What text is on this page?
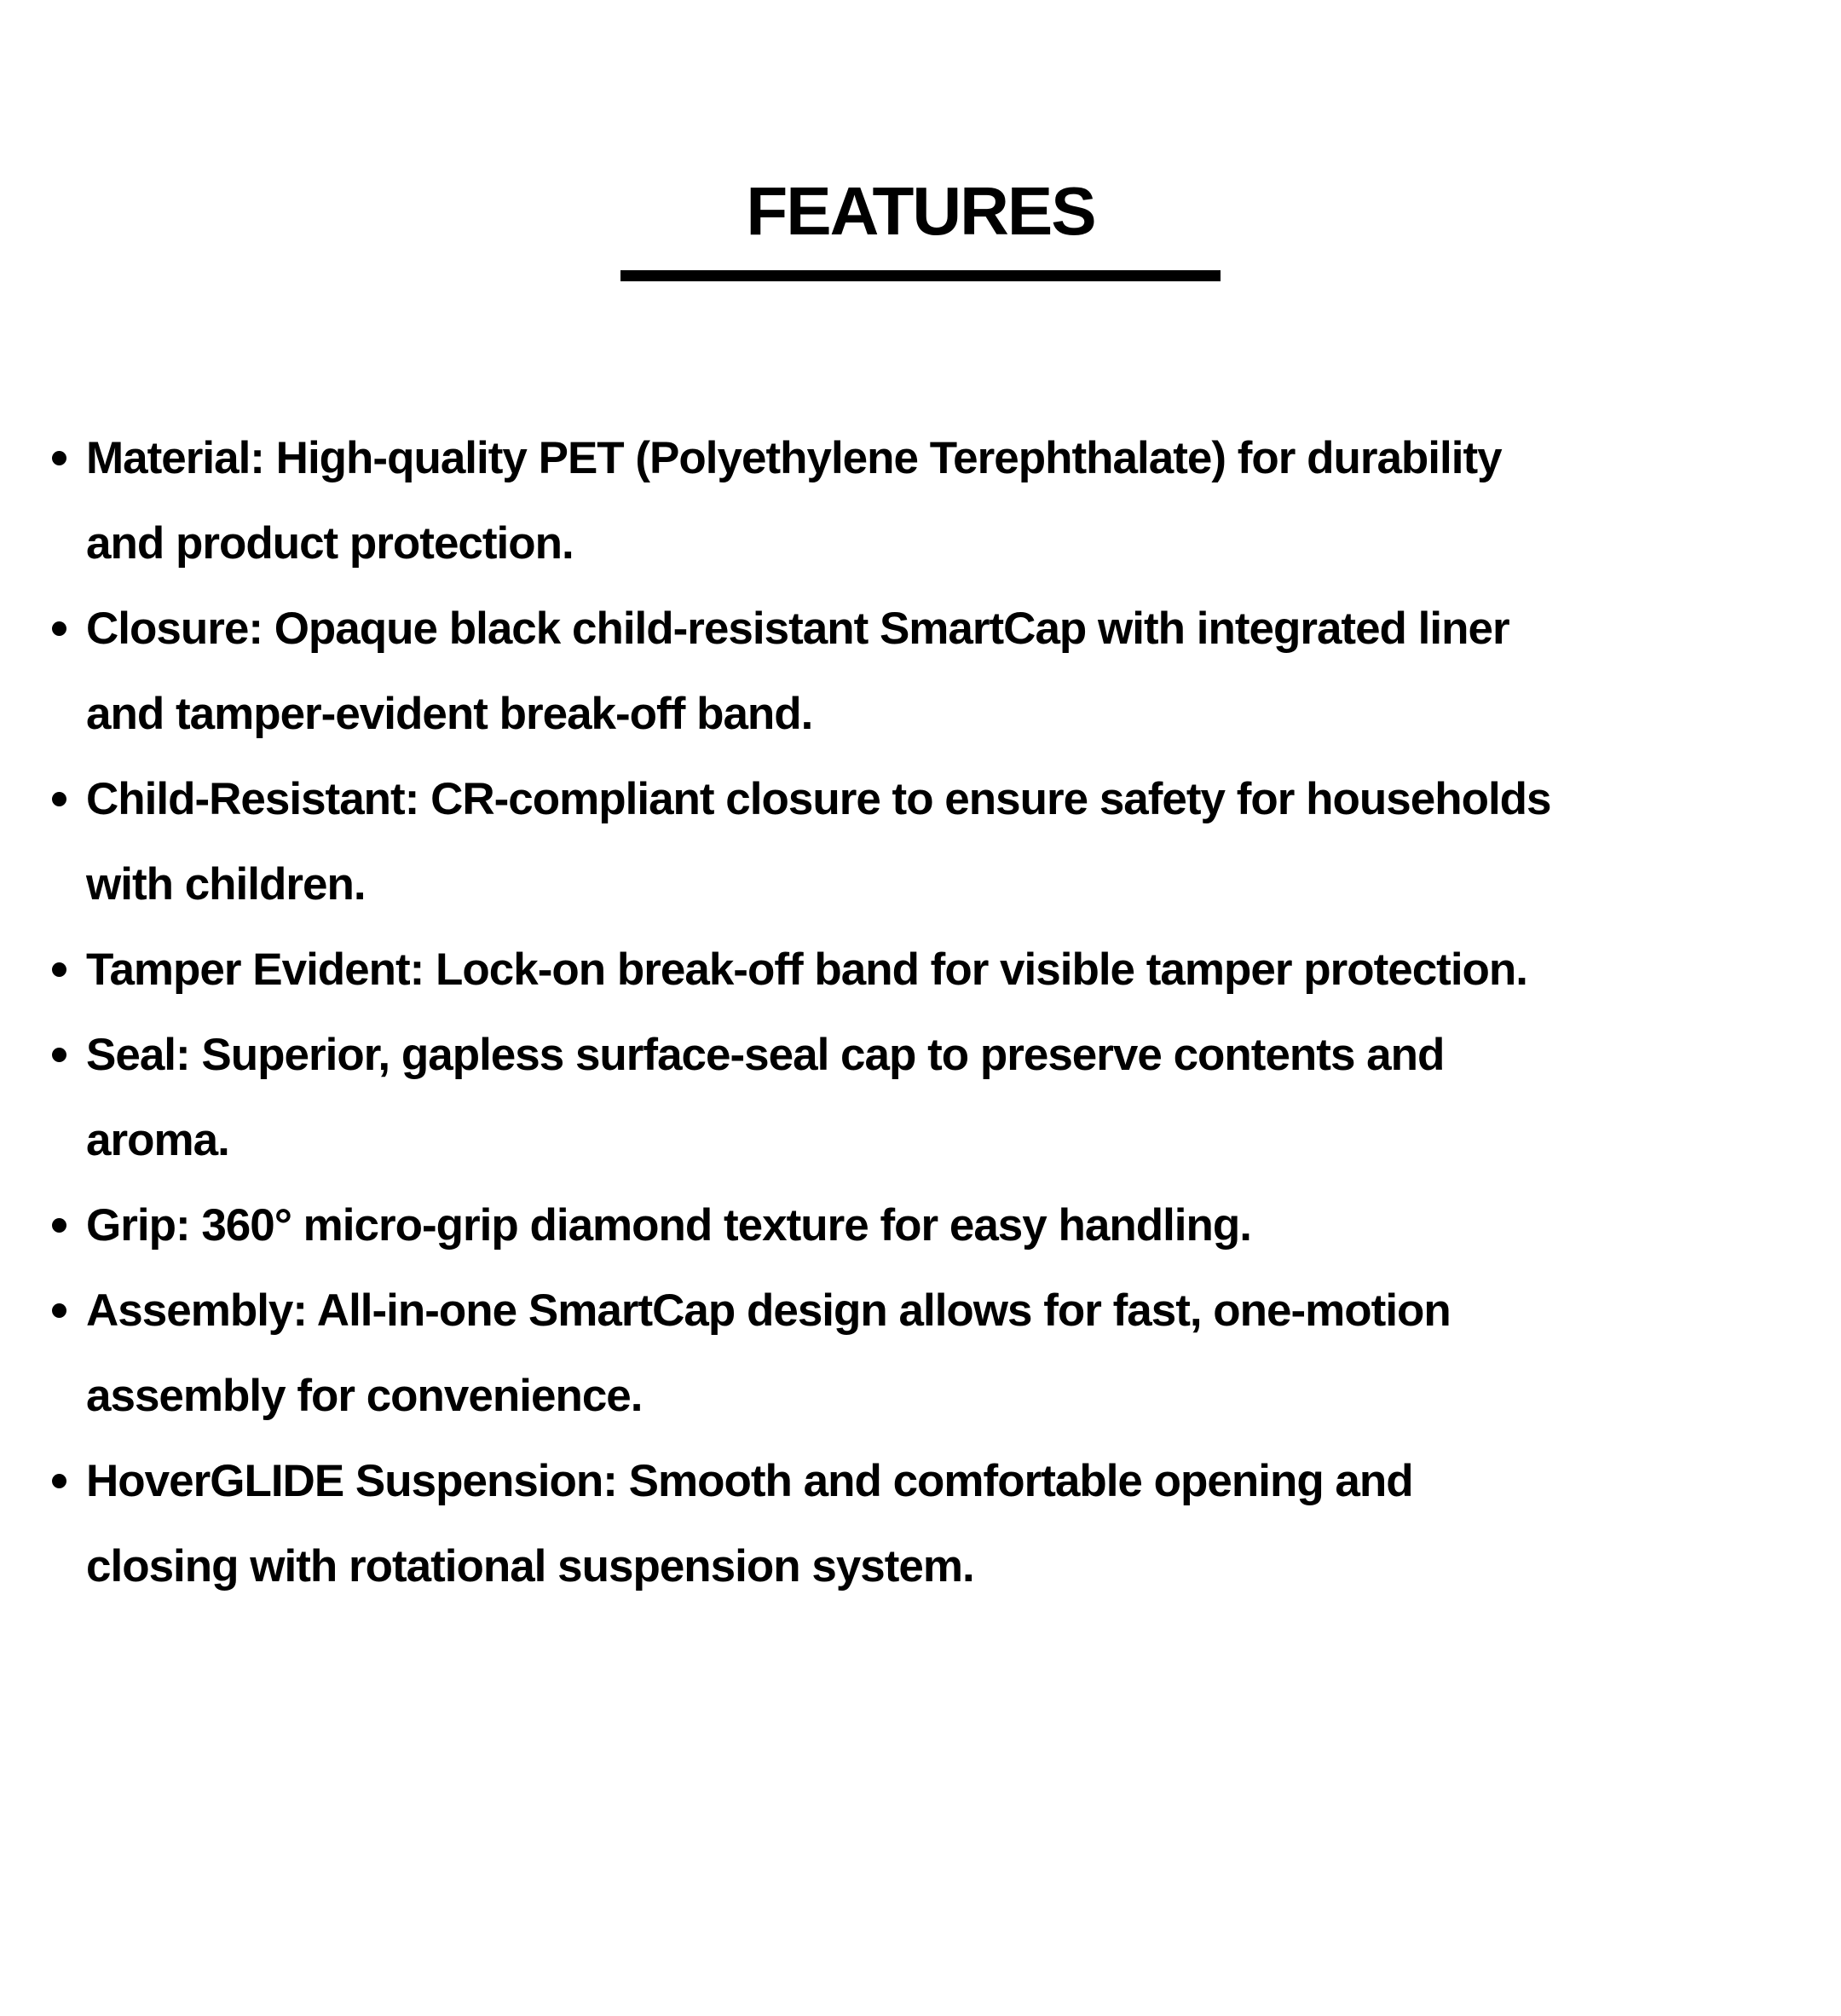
FEATURES
Material: High-quality PET (Polyethylene Terephthalate) for durability
and product protection.
Closure: Opaque black child-resistant SmartCap with integrated liner
and tamper-evident break-off band.
Child-Resistant: CR-compliant closure to ensure safety for households
with children.
Tamper Evident: Lock-on break-off band for visible tamper protection.
Seal: Superior, gapless surface-seal cap to preserve contents and
aroma.
Grip: 360° micro-grip diamond texture for easy handling.
Assembly: All-in-one SmartCap design allows for fast, one-motion
assembly for convenience.
HoverGLIDE Suspension: Smooth and comfortable opening and
closing with rotational suspension system.
